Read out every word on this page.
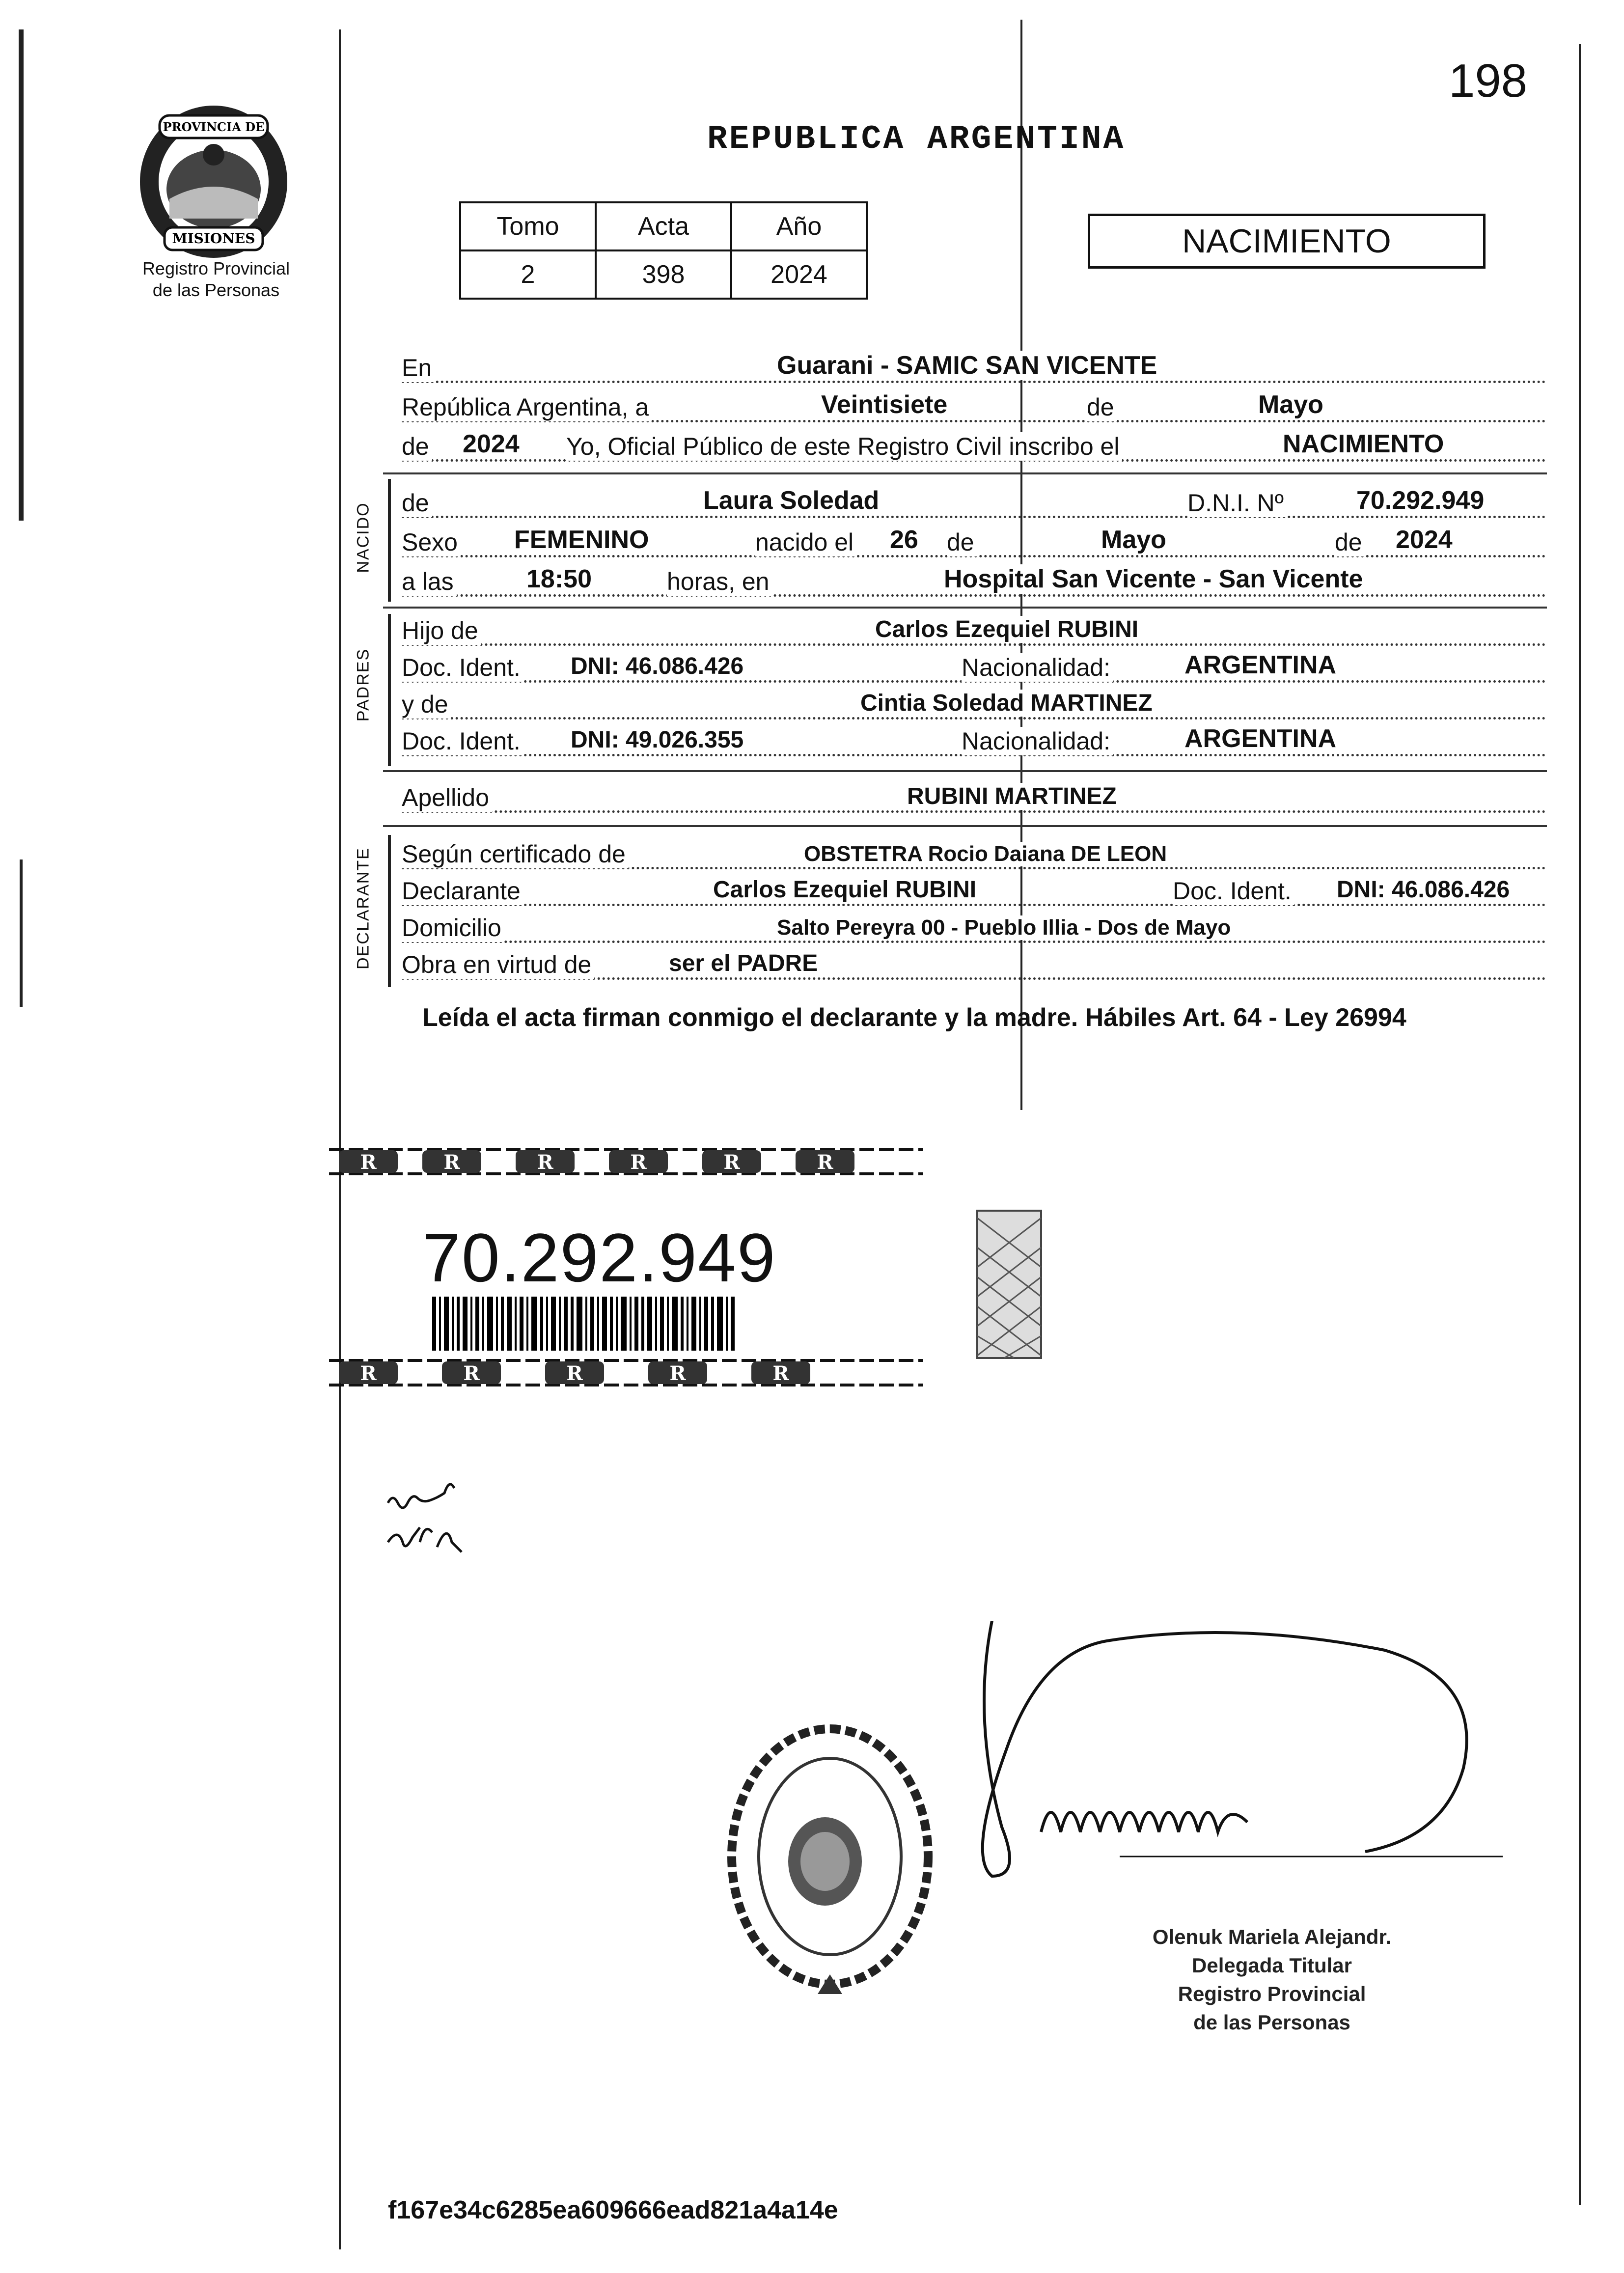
PROVINCIA DE
MISIONES
Registro Provincial
de las Personas
198
REPUBLICA ARGENTINA
Tomo	Acta	Año
2	398	2024
NACIMIENTO
En	Guarani - SAMIC SAN VICENTE
República Argentina, a	Veintisiete	de	Mayo
de 2024 Yo, Oficial Público de este Registro Civil inscribo el	NACIMIENTO
NACIDO de	Laura Soledad	D.N.I. Nº	70.292.949
Sexo FEMENINO	nacido el 26 de	Mayo	de 2024
a las	18:50	horas, en	Hospital San Vicente - San Vicente
PADRES
Hijo de	Carlos Ezequiel RUBINI
Doc. Ident. DNI: 46.086.426	Nacionalidad:	ARGENTINA
y de	Cintia Soledad MARTINEZ
Doc. Ident. DNI: 49.026.355	Nacionalidad:	ARGENTINA
Apellido	RUBINI MARTINEZ
DECLARANTE Según certificado de	OBSTETRA Rocio Daiana DE LEON
Declarante	Carlos Ezequiel RUBINI	Doc. Ident. DNI: 46.086.426
Domicilio	Salto Pereyra 00 - Pueblo Illia - Dos de Mayo
Obra en virtud de	ser el PADRE
Leída el acta firman conmigo el declarante y la madre. Hábiles Art. 64 - Ley 26994
R	R	R	R	R	R
R	R	R	R	R
70.292.949
Olenuk Mariela Alejandr.
Delegada Titular
Registro Provincial
de las Personas
f167e34c6285ea609666ead821a4a14e
